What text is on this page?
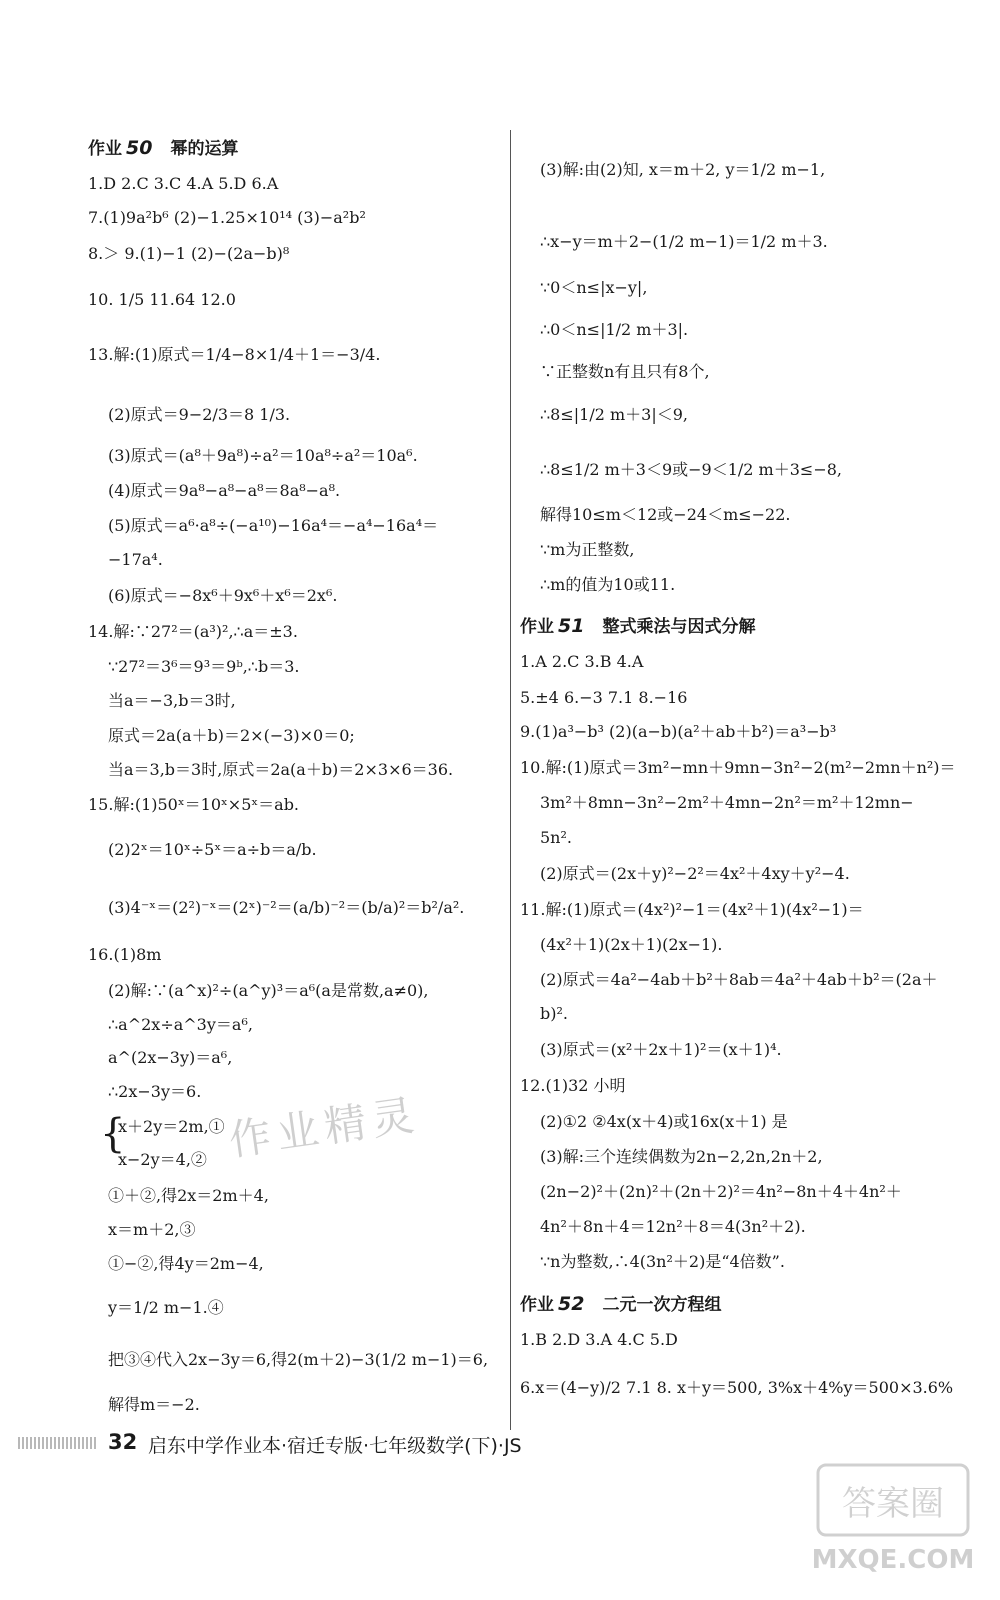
作业 50 幂的运算
1.D 2.C 3.C 4.A 5.D 6.A
7.(1)9a²b⁶ (2)−1.25×10¹⁴ (3)−a²b²
8.＞ 9.(1)−1 (2)−(2a−b)⁸
10. 1/5 11.64 12.0
13.解:(1)原式＝1/4−8×1/4＋1＝−3/4.
(2)原式＝9−2/3＝8 1/3.
(3)原式＝(a⁸＋9a⁸)÷a²＝10a⁸÷a²＝10a⁶.
(4)原式＝9a⁸−a⁸−a⁸＝8a⁸−a⁸.
(5)原式＝a⁶·a⁸÷(−a¹⁰)−16a⁴＝−a⁴−16a⁴＝
−17a⁴.
(6)原式＝−8x⁶＋9x⁶＋x⁶＝2x⁶.
14.解:∵27²＝(a³)²,∴a＝±3.
∵27²＝3⁶＝9³＝9ᵇ,∴b＝3.
当a＝−3,b＝3时,
原式＝2a(a＋b)＝2×(−3)×0＝0;
当a＝3,b＝3时,原式＝2a(a＋b)＝2×3×6＝36.
15.解:(1)50ˣ＝10ˣ×5ˣ＝ab.
(2)2ˣ＝10ˣ÷5ˣ＝a÷b＝a/b.
(3)4⁻ˣ＝(2²)⁻ˣ＝(2ˣ)⁻²＝(a/b)⁻²＝(b/a)²＝b²/a².
16.(1)8m
(2)解:∵(a^x)²÷(a^y)³＝a⁶(a是常数,a≠0),
∴a^2x÷a^3y＝a⁶,
a^(2x−3y)＝a⁶,
∴2x−3y＝6.
{
x＋2y＝2m,①
x−2y＝4,②
①＋②,得2x＝2m＋4,
x＝m＋2,③
①−②,得4y＝2m−4,
y＝1/2 m−1.④
把③④代入2x−3y＝6,得2(m＋2)−3(1/2 m−1)＝6,
解得m＝−2.
(3)解:由(2)知, x＝m＋2, y＝1/2 m−1,
∴x−y＝m＋2−(1/2 m−1)＝1/2 m＋3.
∵0＜n≤|x−y|,
∴0＜n≤|1/2 m＋3|.
∵正整数n有且只有8个,
∴8≤|1/2 m＋3|＜9,
∴8≤1/2 m＋3＜9或−9＜1/2 m＋3≤−8,
解得10≤m＜12或−24＜m≤−22.
∵m为正整数,
∴m的值为10或11.
作业 51 整式乘法与因式分解
1.A 2.C 3.B 4.A
5.±4 6.−3 7.1 8.−16
9.(1)a³−b³ (2)(a−b)(a²＋ab＋b²)＝a³−b³
10.解:(1)原式＝3m²−mn＋9mn−3n²−2(m²−2mn＋n²)＝
3m²＋8mn−3n²−2m²＋4mn−2n²＝m²＋12mn−
5n².
(2)原式＝(2x＋y)²−2²＝4x²＋4xy＋y²−4.
11.解:(1)原式＝(4x²)²−1＝(4x²＋1)(4x²−1)＝
(4x²＋1)(2x＋1)(2x−1).
(2)原式＝4a²−4ab＋b²＋8ab＝4a²＋4ab＋b²＝(2a＋
b)².
(3)原式＝(x²＋2x＋1)²＝(x＋1)⁴.
12.(1)32 小明
(2)①2 ②4x(x＋4)或16x(x＋1) 是
(3)解:三个连续偶数为2n−2,2n,2n＋2,
(2n−2)²＋(2n)²＋(2n＋2)²＝4n²−8n＋4＋4n²＋
4n²＋8n＋4＝12n²＋8＝4(3n²＋2).
∵n为整数,∴4(3n²＋2)是“4倍数”.
作业 52 二元一次方程组
1.B 2.D 3.A 4.C 5.D
6.x＝(4−y)/2 7.1 8. x＋y＝500, 3%x＋4%y＝500×3.6%
作业精灵
32 启东中学作业本·宿迁专版·七年级数学(下)·JS
答案圈
MXQE.COM
